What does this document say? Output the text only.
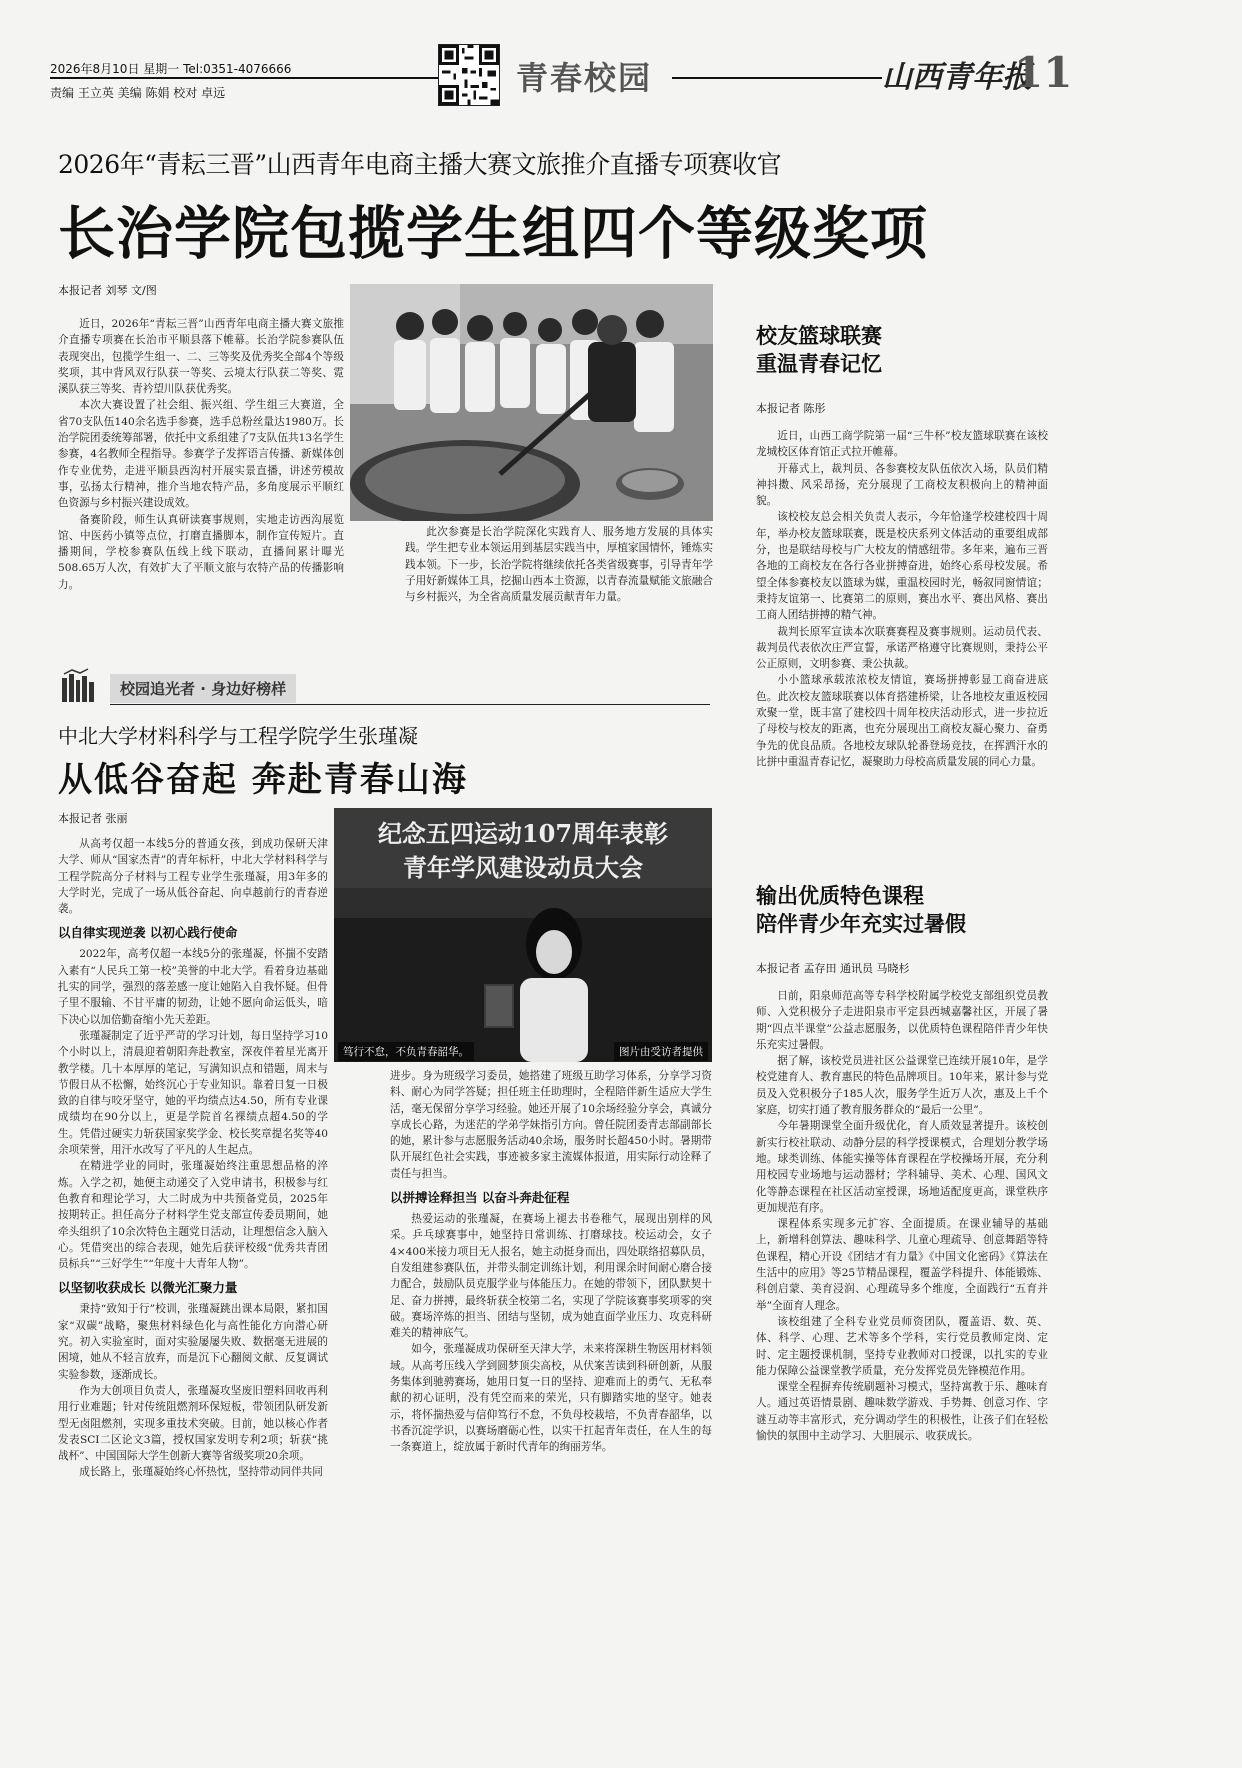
2026年8月10日 星期一 Tel:0351-4076666
责编 王立英 美编 陈娟 校对 卓远	青春校园	山西青年报
11
2026年“青耘三晋”山西青年电商主播大赛文旅推介直播专项赛收官
长治学院包揽学生组四个等级奖项
本报记者 刘琴 文/图

近日，2026年“青耘三晋”山西青年电商主播大赛文旅推介直播专项赛在长治市平顺县落下帷幕。长治学院参赛队伍表现突出，包揽学生组一、二、三等奖及优秀奖全部4个等级奖项，其中背风双行队获一等奖、云境太行队获二等奖、霓溪队获三等奖、青衿望川队获优秀奖。

本次大赛设置了社会组、振兴组、学生组三大赛道，全省70支队伍140余名选手参赛，选手总粉丝量达1980万。长治学院团委统筹部署，依托中文系组建了7支队伍共13名学生参赛，4名教师全程指导。参赛学子发挥语言传播、新媒体创作专业优势，走进平顺县西沟村开展实景直播，讲述劳模故事，弘扬太行精神，推介当地农特产品，多角度展示平顺红色资源与乡村振兴建设成效。

备赛阶段，师生认真研读赛事规则，实地走访西沟展览馆、中医药小镇等点位，打磨直播脚本，制作宣传短片。直播期间，学校参赛队伍线上线下联动，直播间累计曝光508.65万人次，有效扩大了平顺文旅与农特产品的传播影响力。

此次参赛是长治学院深化实践育人、服务地方发展的具体实践。学生把专业本领运用到基层实践当中，厚植家国情怀，锤炼实践本领。下一步，长治学院将继续依托各类省级赛事，引导青年学子用好新媒体工具，挖掘山西本土资源，以青春流量赋能文旅融合与乡村振兴，为全省高质量发展贡献青年力量。

校园追光者 · 身边好榜样
中北大学材料科学与工程学院学生张瑾凝
从低谷奋起 奔赴青春山海
本报记者 张丽

从高考仅超一本线5分的普通女孩，到成功保研天津大学、师从“国家杰青”的青年标杆，中北大学材料科学与工程学院高分子材料与工程专业学生张瑾凝，用3年多的大学时光，完成了一场从低谷奋起、向卓越前行的青春逆袭。

以自律实现逆袭 以初心践行使命

2022年，高考仅超一本线5分的张瑾凝，怀揣不安踏入素有“人民兵工第一校”美誉的中北大学。看着身边基础扎实的同学，强烈的落差感一度让她陷入自我怀疑。但骨子里不服输、不甘平庸的韧劲，让她不愿向命运低头，暗下决心以加倍勤奋缩小先天差距。

张瑾凝制定了近乎严苛的学习计划，每日坚持学习10个小时以上，清晨迎着朝阳奔赴教室，深夜伴着星光离开教学楼。几十本厚厚的笔记，写满知识点和错题，周末与节假日从不松懈，始终沉心于专业知识。靠着日复一日极致的自律与咬牙坚守，她的平均绩点达4.50，所有专业课成绩均在90分以上，更是学院首名裸绩点超4.50的学生。凭借过硬实力斩获国家奖学金、校长奖章提名奖等40余项荣誉，用汗水改写了平凡的人生起点。

在精进学业的同时，张瑾凝始终注重思想品格的淬炼。入学之初，她便主动递交了入党申请书，积极参与红色教育和理论学习，大二时成为中共预备党员，2025年按期转正。担任高分子材料学生党支部宣传委员期间，她牵头组织了10余次特色主题党日活动，让理想信念入脑入心。凭借突出的综合表现，她先后获评校级“优秀共青团员标兵”“三好学生”“年度十大青年人物”。

以坚韧收获成长 以微光汇聚力量

秉持“致知于行”校训，张瑾凝跳出课本局限，紧扣国家“双碳”战略，聚焦材料绿色化与高性能化方向潜心研究。初入实验室时，面对实验屡屡失败、数据毫无进展的困境，她从不轻言放弃，而是沉下心翻阅文献、反复调试实验参数，逐渐成长。

作为大创项目负责人，张瑾凝攻坚废旧塑料回收再利用行业难题；针对传统阻燃剂环保短板，带领团队研发新型无卤阻燃剂，实现多重技术突破。目前，她以核心作者发表SCI二区论文3篇，授权国家发明专利2项；斩获“挑战杯”、中国国际大学生创新大赛等省级奖项20余项。

成长路上，张瑾凝始终心怀热忱，坚持带动同伴共同

纪念五四运动107周年表彰
青年学风建设动员大会
笃行不怠，不负青春韶华。	图片由受访者提供

进步。身为班级学习委员，她搭建了班级互助学习体系，分享学习资料、耐心为同学答疑；担任班主任助理时，全程陪伴新生适应大学生活，毫无保留分享学习经验。她还开展了10余场经验分享会，真诚分享成长心路，为迷茫的学弟学妹指引方向。曾任院团委青志部副部长的她，累计参与志愿服务活动40余场，服务时长超450小时。暑期带队开展红色社会实践，事迹被多家主流媒体报道，用实际行动诠释了责任与担当。

以拼搏诠释担当 以奋斗奔赴征程

热爱运动的张瑾凝，在赛场上褪去书卷稚气，展现出别样的风采。乒乓球赛事中，她坚持日常训练、打磨球技。校运动会，女子4×400米接力项目无人报名，她主动挺身而出，四处联络招募队员，自发组建参赛队伍，并带头制定训练计划，利用课余时间耐心磨合接力配合，鼓励队员克服学业与体能压力。在她的带领下，团队默契十足、奋力拼搏，最终斩获全校第二名，实现了学院该赛事奖项零的突破。赛场淬炼的担当、团结与坚韧，成为她直面学业压力、攻克科研难关的精神底气。

如今，张瑾凝成功保研至天津大学，未来将深耕生物医用材料领域。从高考压线入学到圆梦顶尖高校，从伏案苦读到科研创新，从服务集体到驰骋赛场，她用日复一日的坚持、迎难而上的勇气、无私奉献的初心证明，没有凭空而来的荣光，只有脚踏实地的坚守。她表示，将怀揣热爱与信仰笃行不怠，不负母校栽培，不负青春韶华，以书香沉淀学识，以赛场磨砺心性，以实干扛起青年责任，在人生的每一条赛道上，绽放属于新时代青年的绚丽芳华。

校友篮球联赛
重温青春记忆
本报记者 陈彤

近日，山西工商学院第一届“三牛杯”校友篮球联赛在该校龙城校区体育馆正式拉开帷幕。

开幕式上，裁判员、各参赛校友队伍依次入场，队员们精神抖擞、风采昂扬，充分展现了工商校友积极向上的精神面貌。

该校校友总会相关负责人表示，今年恰逢学校建校四十周年，举办校友篮球联赛，既是校庆系列文体活动的重要组成部分，也是联结母校与广大校友的情感纽带。多年来，遍布三晋各地的工商校友在各行各业拼搏奋进，始终心系母校发展。希望全体参赛校友以篮球为媒，重温校园时光，畅叙同窗情谊；秉持友谊第一、比赛第二的原则，赛出水平、赛出风格、赛出工商人团结拼搏的精气神。

裁判长原军宣读本次联赛赛程及赛事规则。运动员代表、裁判员代表依次庄严宣誓，承诺严格遵守比赛规则，秉持公平公正原则，文明参赛、秉公执裁。

小小篮球承载浓浓校友情谊，赛场拼搏彰显工商奋进底色。此次校友篮球联赛以体育搭建桥梁，让各地校友重返校园欢聚一堂，既丰富了建校四十周年校庆活动形式，进一步拉近了母校与校友的距离，也充分展现出工商校友凝心聚力、奋勇争先的优良品质。各地校友球队轮番登场竞技，在挥洒汗水的比拼中重温青春记忆，凝聚助力母校高质量发展的同心力量。

输出优质特色课程
陪伴青少年充实过暑假
本报记者 孟存田 通讯员 马晓杉

日前，阳泉师范高等专科学校附属学校党支部组织党员教师、入党积极分子走进阳泉市平定县西城嘉馨社区，开展了暑期“四点半课堂”公益志愿服务，以优质特色课程陪伴青少年快乐充实过暑假。

据了解，该校党员进社区公益课堂已连续开展10年，是学校党建育人、教育惠民的特色品牌项目。10年来，累计参与党员及入党积极分子185人次，服务学生近万人次，惠及上千个家庭，切实打通了教育服务群众的“最后一公里”。

今年暑期课堂全面升级优化，育人质效显著提升。该校创新实行校社联动、动静分层的科学授课模式，合理划分教学场地。球类训练、体能实操等体育课程在学校操场开展，充分利用校园专业场地与运动器材；学科辅导、美术、心理、国风文化等静态课程在社区活动室授课，场地适配度更高，课堂秩序更加规范有序。

课程体系实现多元扩容、全面提质。在课业辅导的基础上，新增科创算法、趣味科学、儿童心理疏导、创意舞蹈等特色课程，精心开设《团结才有力量》《中国文化密码》《算法在生活中的应用》等25节精品课程，覆盖学科提升、体能锻炼、科创启蒙、美育浸润、心理疏导多个维度，全面践行“五育并举”全面育人理念。

该校组建了全科专业党员师资团队，覆盖语、数、英、体、科学、心理、艺术等多个学科，实行党员教师定岗、定时、定主题授课机制，坚持专业教师对口授课，以扎实的专业能力保障公益课堂教学质量，充分发挥党员先锋模范作用。

课堂全程摒弃传统刷题补习模式，坚持寓教于乐、趣味育人。通过英语情景剧、趣味数学游戏、手势舞、创意习作、字谜互动等丰富形式，充分调动学生的积极性，让孩子们在轻松愉快的氛围中主动学习、大胆展示、收获成长。
